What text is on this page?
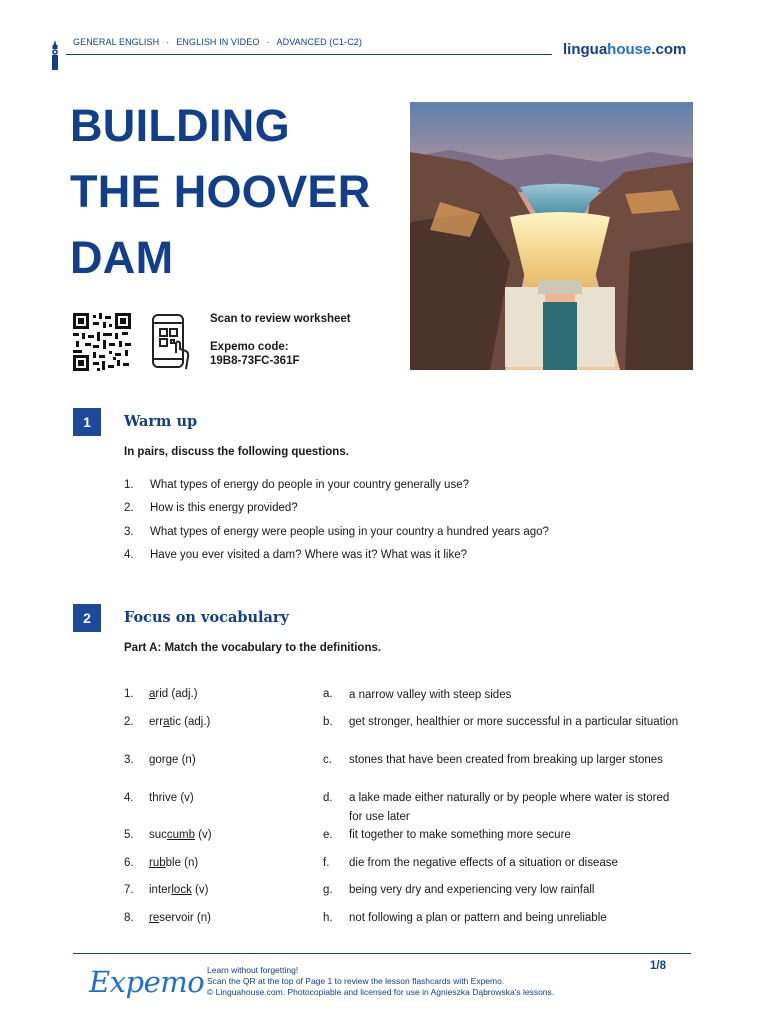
GENERAL ENGLISH · ENGLISH IN VIDEO · ADVANCED (C1-C2)	linguahouse.com
BUILDING
THE HOOVER
DAM
Scan to review worksheet
Expemo code:
19B8-73FC-361F
1	Warm up
In pairs, discuss the following questions.
1. What types of energy do people in your country generally use?
2. How is this energy provided?
3. What types of energy were people using in your country a hundred years ago?
4. Have you ever visited a dam? Where was it? What was it like?
2	Focus on vocabulary
Part A: Match the vocabulary to the definitions.
1. arid (adj.)	a. a narrow valley with steep sides
2. erratic (adj.)	b. get stronger, healthier or more successful in a particular situation
3. gorge (n)	c. stones that have been created from breaking up larger stones
4. thrive (v)	d. a lake made either naturally or by people where water is stored for use later
5. succumb (v)	e. fit together to make something more secure
6. rubble (n)	f. die from the negative effects of a situation or disease
7. interlock (v)	g. being very dry and experiencing very low rainfall
8. reservoir (n)	h. not following a plan or pattern and being unreliable
Expemo Learn without forgetting!
Scan the QR at the top of Page 1 to review the lesson flashcards with Expemo.
© Linguahouse.com. Photocopiable and licensed for use in Agnieszka Dąbrowska's lessons.
1/8
